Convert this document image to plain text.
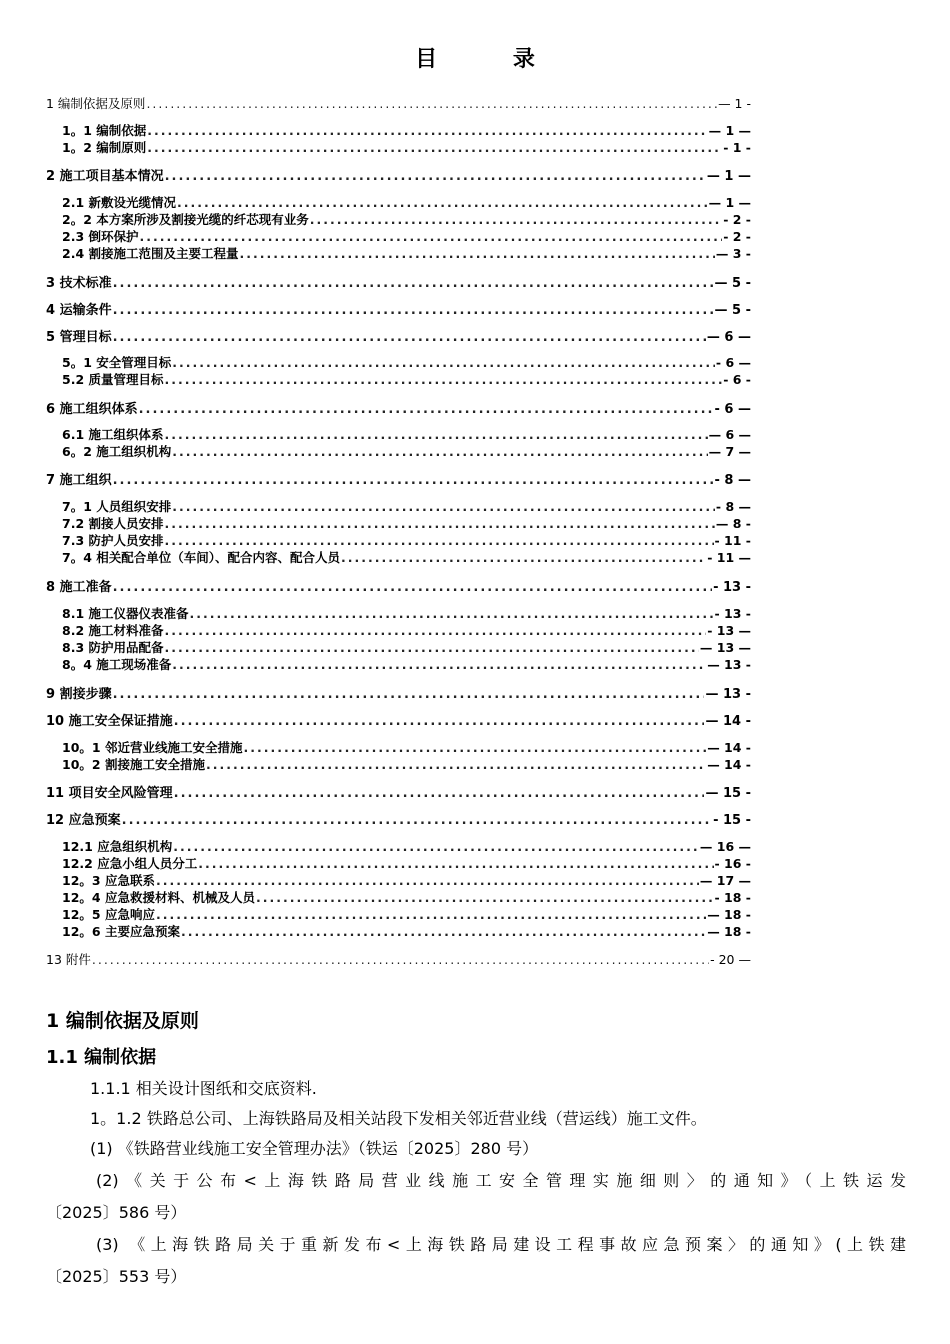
目 录
1 编制依据及原则 .....	— 1 -
1。1 编制依据 .....	— 1 —
1。2 编制原则 .....	- 1 -
2 施工项目基本情况 .....	— 1 —
2.1 新敷设光缆情况 .....	— 1 —
2。2 本方案所涉及割接光缆的纤芯现有业务 .....	- 2 -
2.3 倒环保护 .....	- 2 -
2.4 割接施工范围及主要工程量 .....	— 3 -
3 技术标准 .....	— 5 -
4 运输条件 .....	— 5 -
5 管理目标 .....	— 6 —
5。1 安全管理目标 .....	- 6 —
5.2 质量管理目标 .....	- 6 -
6 施工组织体系 .....	- 6 —
6.1 施工组织体系 .....	— 6 —
6。2 施工组织机构 .....	— 7 —
7 施工组织 .....	- 8 —
7。1 人员组织安排 .....	- 8 —
7.2 割接人员安排 .....	— 8 -
7.3 防护人员安排 .....	- 11 -
7。4 相关配合单位（车间）、配合内容、配合人员 .....	- 11 —
8 施工准备 .....	- 13 -
8.1 施工仪器仪表准备 .....	- 13 -
8.2 施工材料准备 .....	- 13 —
8.3 防护用品配备 .....	— 13 —
8。4 施工现场准备 .....	— 13 -
9 割接步骤 .....	— 13 -
10 施工安全保证措施 .....	— 14 -
10。1 邻近营业线施工安全措施 .....	— 14 -
10。2 割接施工安全措施 .....	— 14 -
11 项目安全风险管理 .....	— 15 -
12 应急预案 .....	- 15 -
12.1 应急组织机构 .....	— 16 —
12.2 应急小组人员分工 .....	- 16 -
12。3 应急联系 .....	— 17 —
12。4 应急救援材料、机械及人员 .....	- 18 -
12。5 应急响应 .....	— 18 -
12。6 主要应急预案 .....	— 18 -
13 附件 .....	- 20 —
1 编制依据及原则
1.1 编制依据
1.1.1 相关设计图纸和交底资料.
1。1.2 铁路总公司、上海铁路局及相关站段下发相关邻近营业线（营运线）施工文件。
(1) 《铁路营业线施工安全管理办法》（铁运〔2025〕280 号）
(2)《关于公布<上海铁路局营业线施工安全管理实施细则〉的通知》（上铁运发
〔2025〕586 号）
(3) 《上海铁路局关于重新发布<上海铁路局建设工程事故应急预案〉的通知》(上铁建
〔2025〕553 号）
